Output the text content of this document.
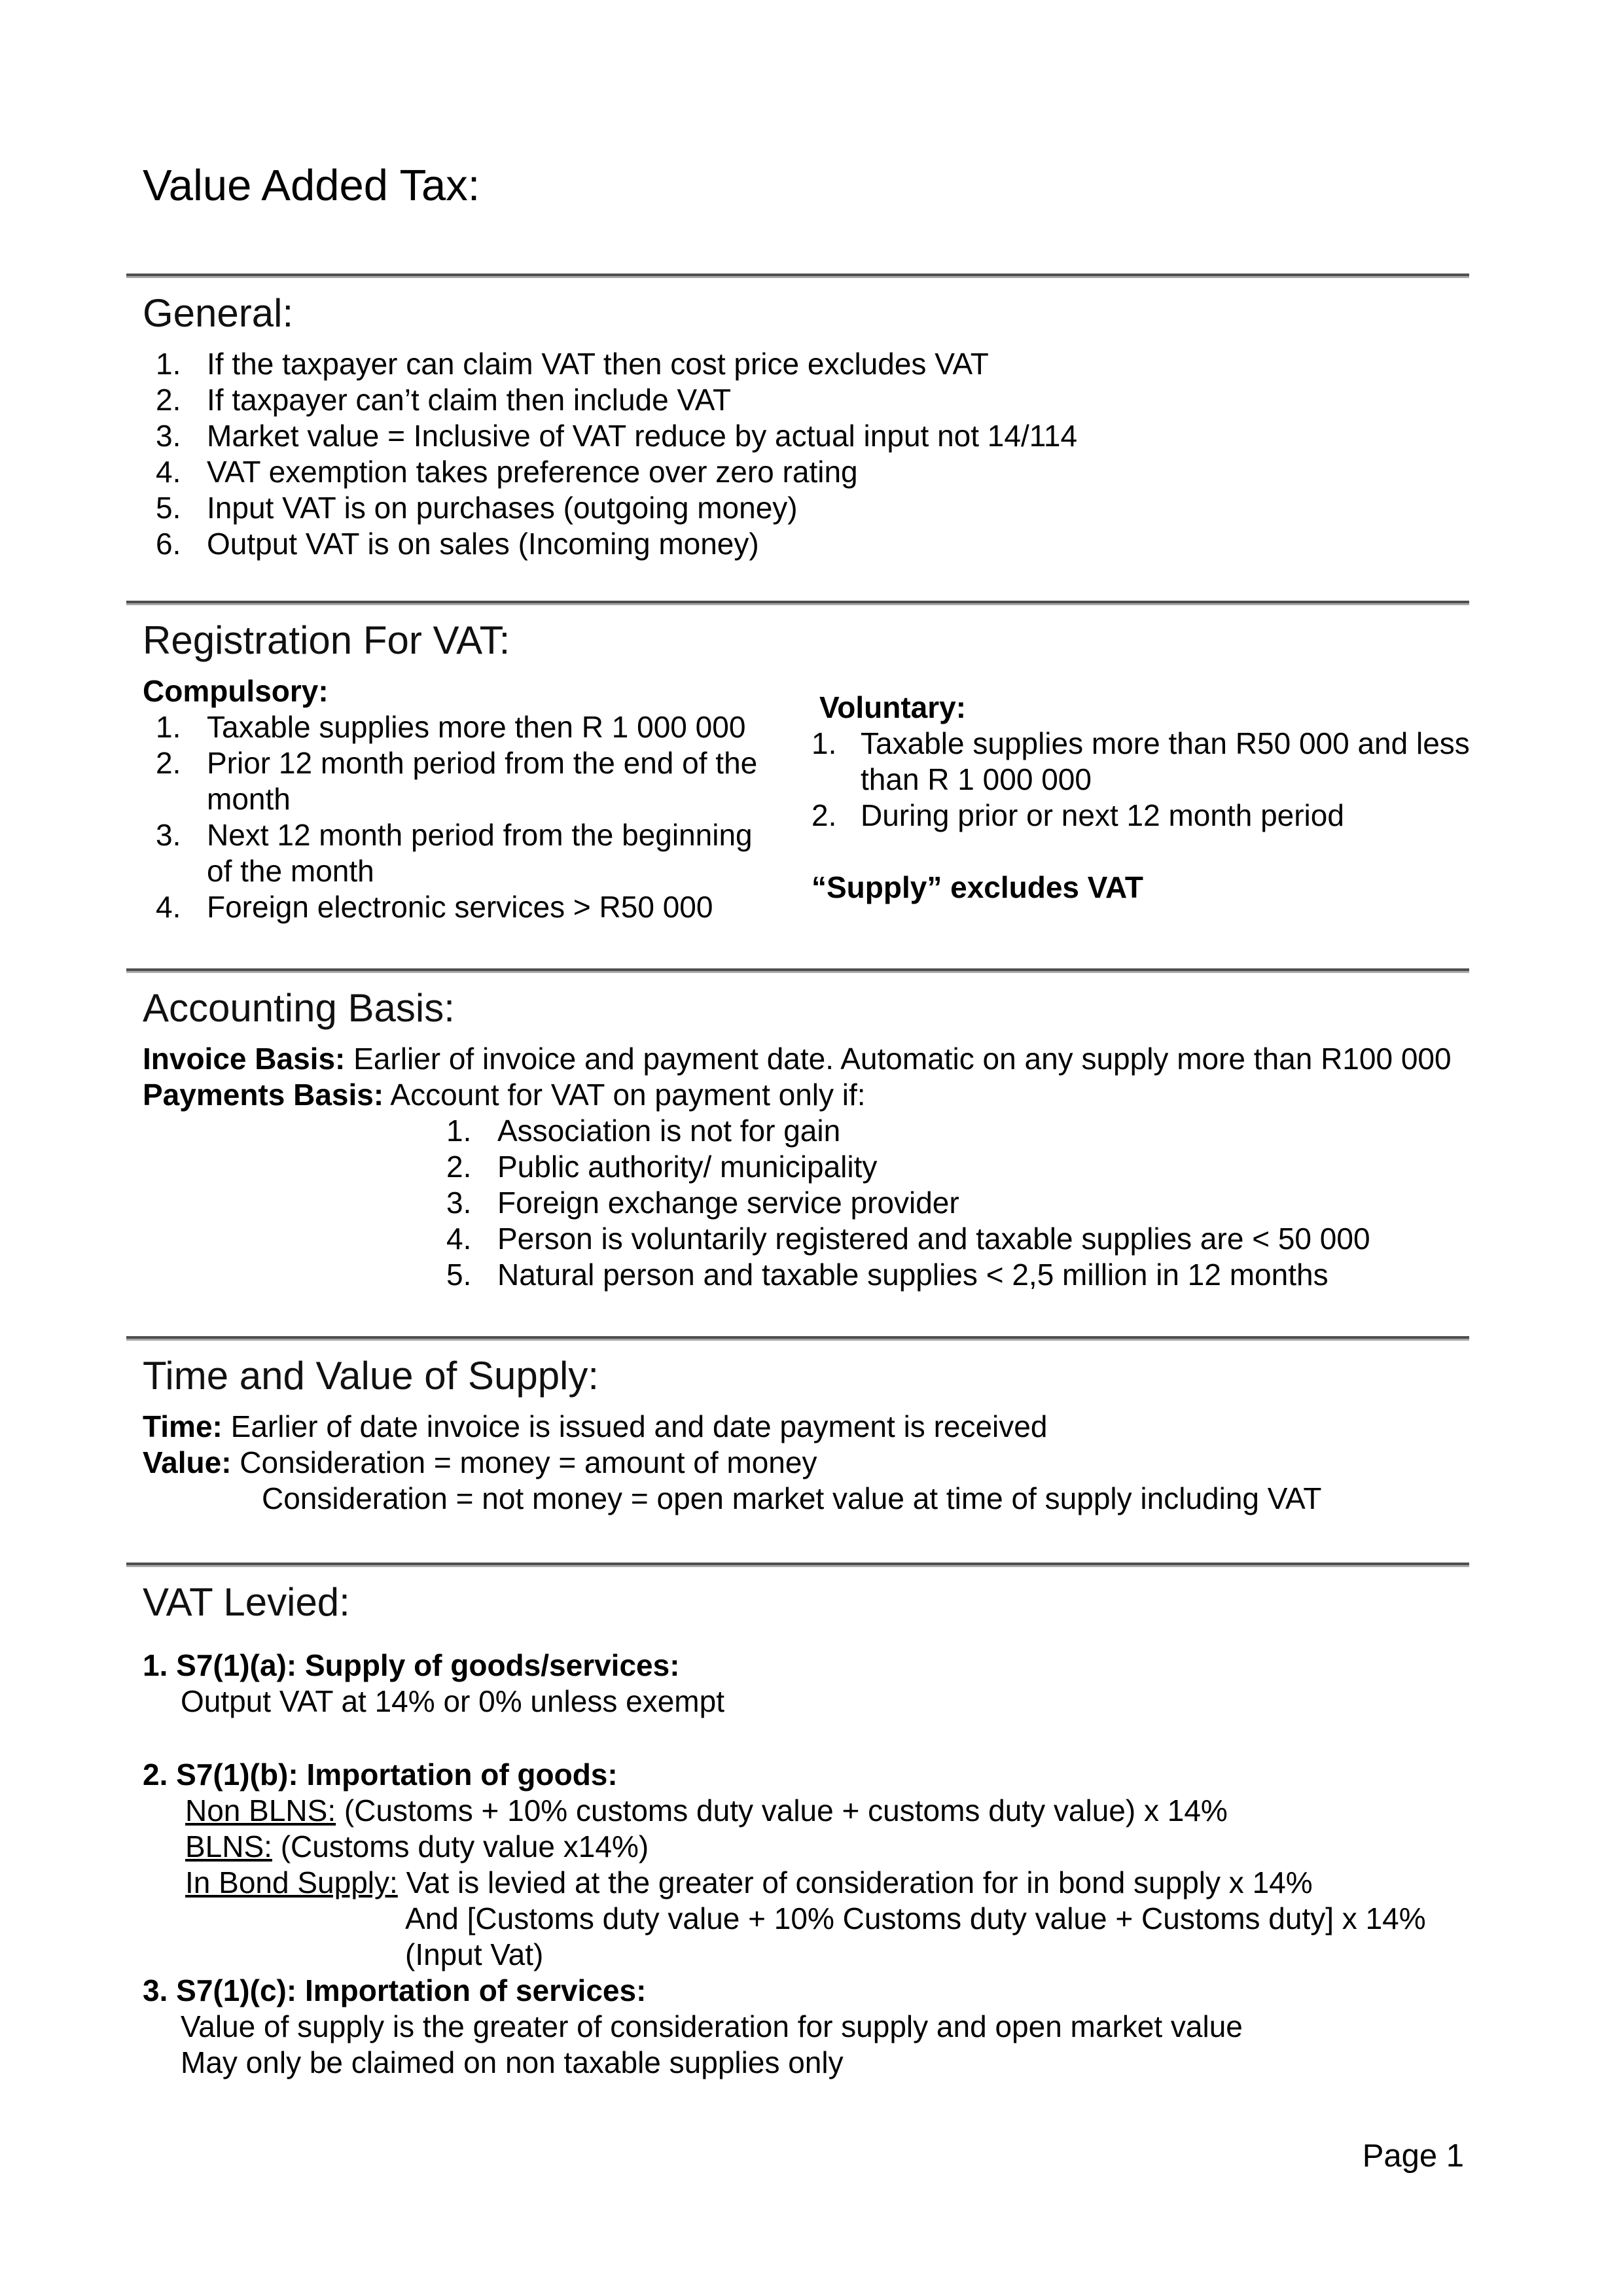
Value Added Tax:
General:
1. If the taxpayer can claim VAT then cost price excludes VAT
2. If taxpayer can’t claim then include VAT
3. Market value = Inclusive of VAT reduce by actual input not 14/114
4. VAT exemption takes preference over zero rating
5. Input VAT is on purchases (outgoing money)
6. Output VAT is on sales (Incoming money)
Registration For VAT:

Compulsory:

1. Taxable supplies more then R 1 000 000
2. Prior 12 month period from the end of the month
3. Next 12 month period from the beginning of the month
4. Foreign electronic services > R50 000

Voluntary:

1. Taxable supplies more than R50 000 and less than R 1 000 000
2. During prior or next 12 month period

“Supply” excludes VAT

Accounting Basis:

Invoice Basis: Earlier of invoice and payment date. Automatic on any supply more than R100 000

Payments Basis: Account for VAT on payment only if:

1. Association is not for gain
2. Public authority/ municipality
3. Foreign exchange service provider
4. Person is voluntarily registered and taxable supplies are < 50 000
5. Natural person and taxable supplies < 2,5 million in 12 months
Time and Value of Supply:

Time: Earlier of date invoice is issued and date payment is received

Value: Consideration = money = amount of money

Consideration = not money = open market value at time of supply including VAT

VAT Levied:

1. S7(1)(a): Supply of goods/services:

Output VAT at 14% or 0% unless exempt

2. S7(1)(b): Importation of goods:

Non BLNS: (Customs + 10% customs duty value + customs duty value) x 14%

BLNS: (Customs duty value x14%)

In Bond Supply: Vat is levied at the greater of consideration for in bond supply x 14%

And [Customs duty value + 10% Customs duty value + Customs duty] x 14%

(Input Vat)

3. S7(1)(c): Importation of services:

Value of supply is the greater of consideration for supply and open market value

May only be claimed on non taxable supplies only

Page 1
